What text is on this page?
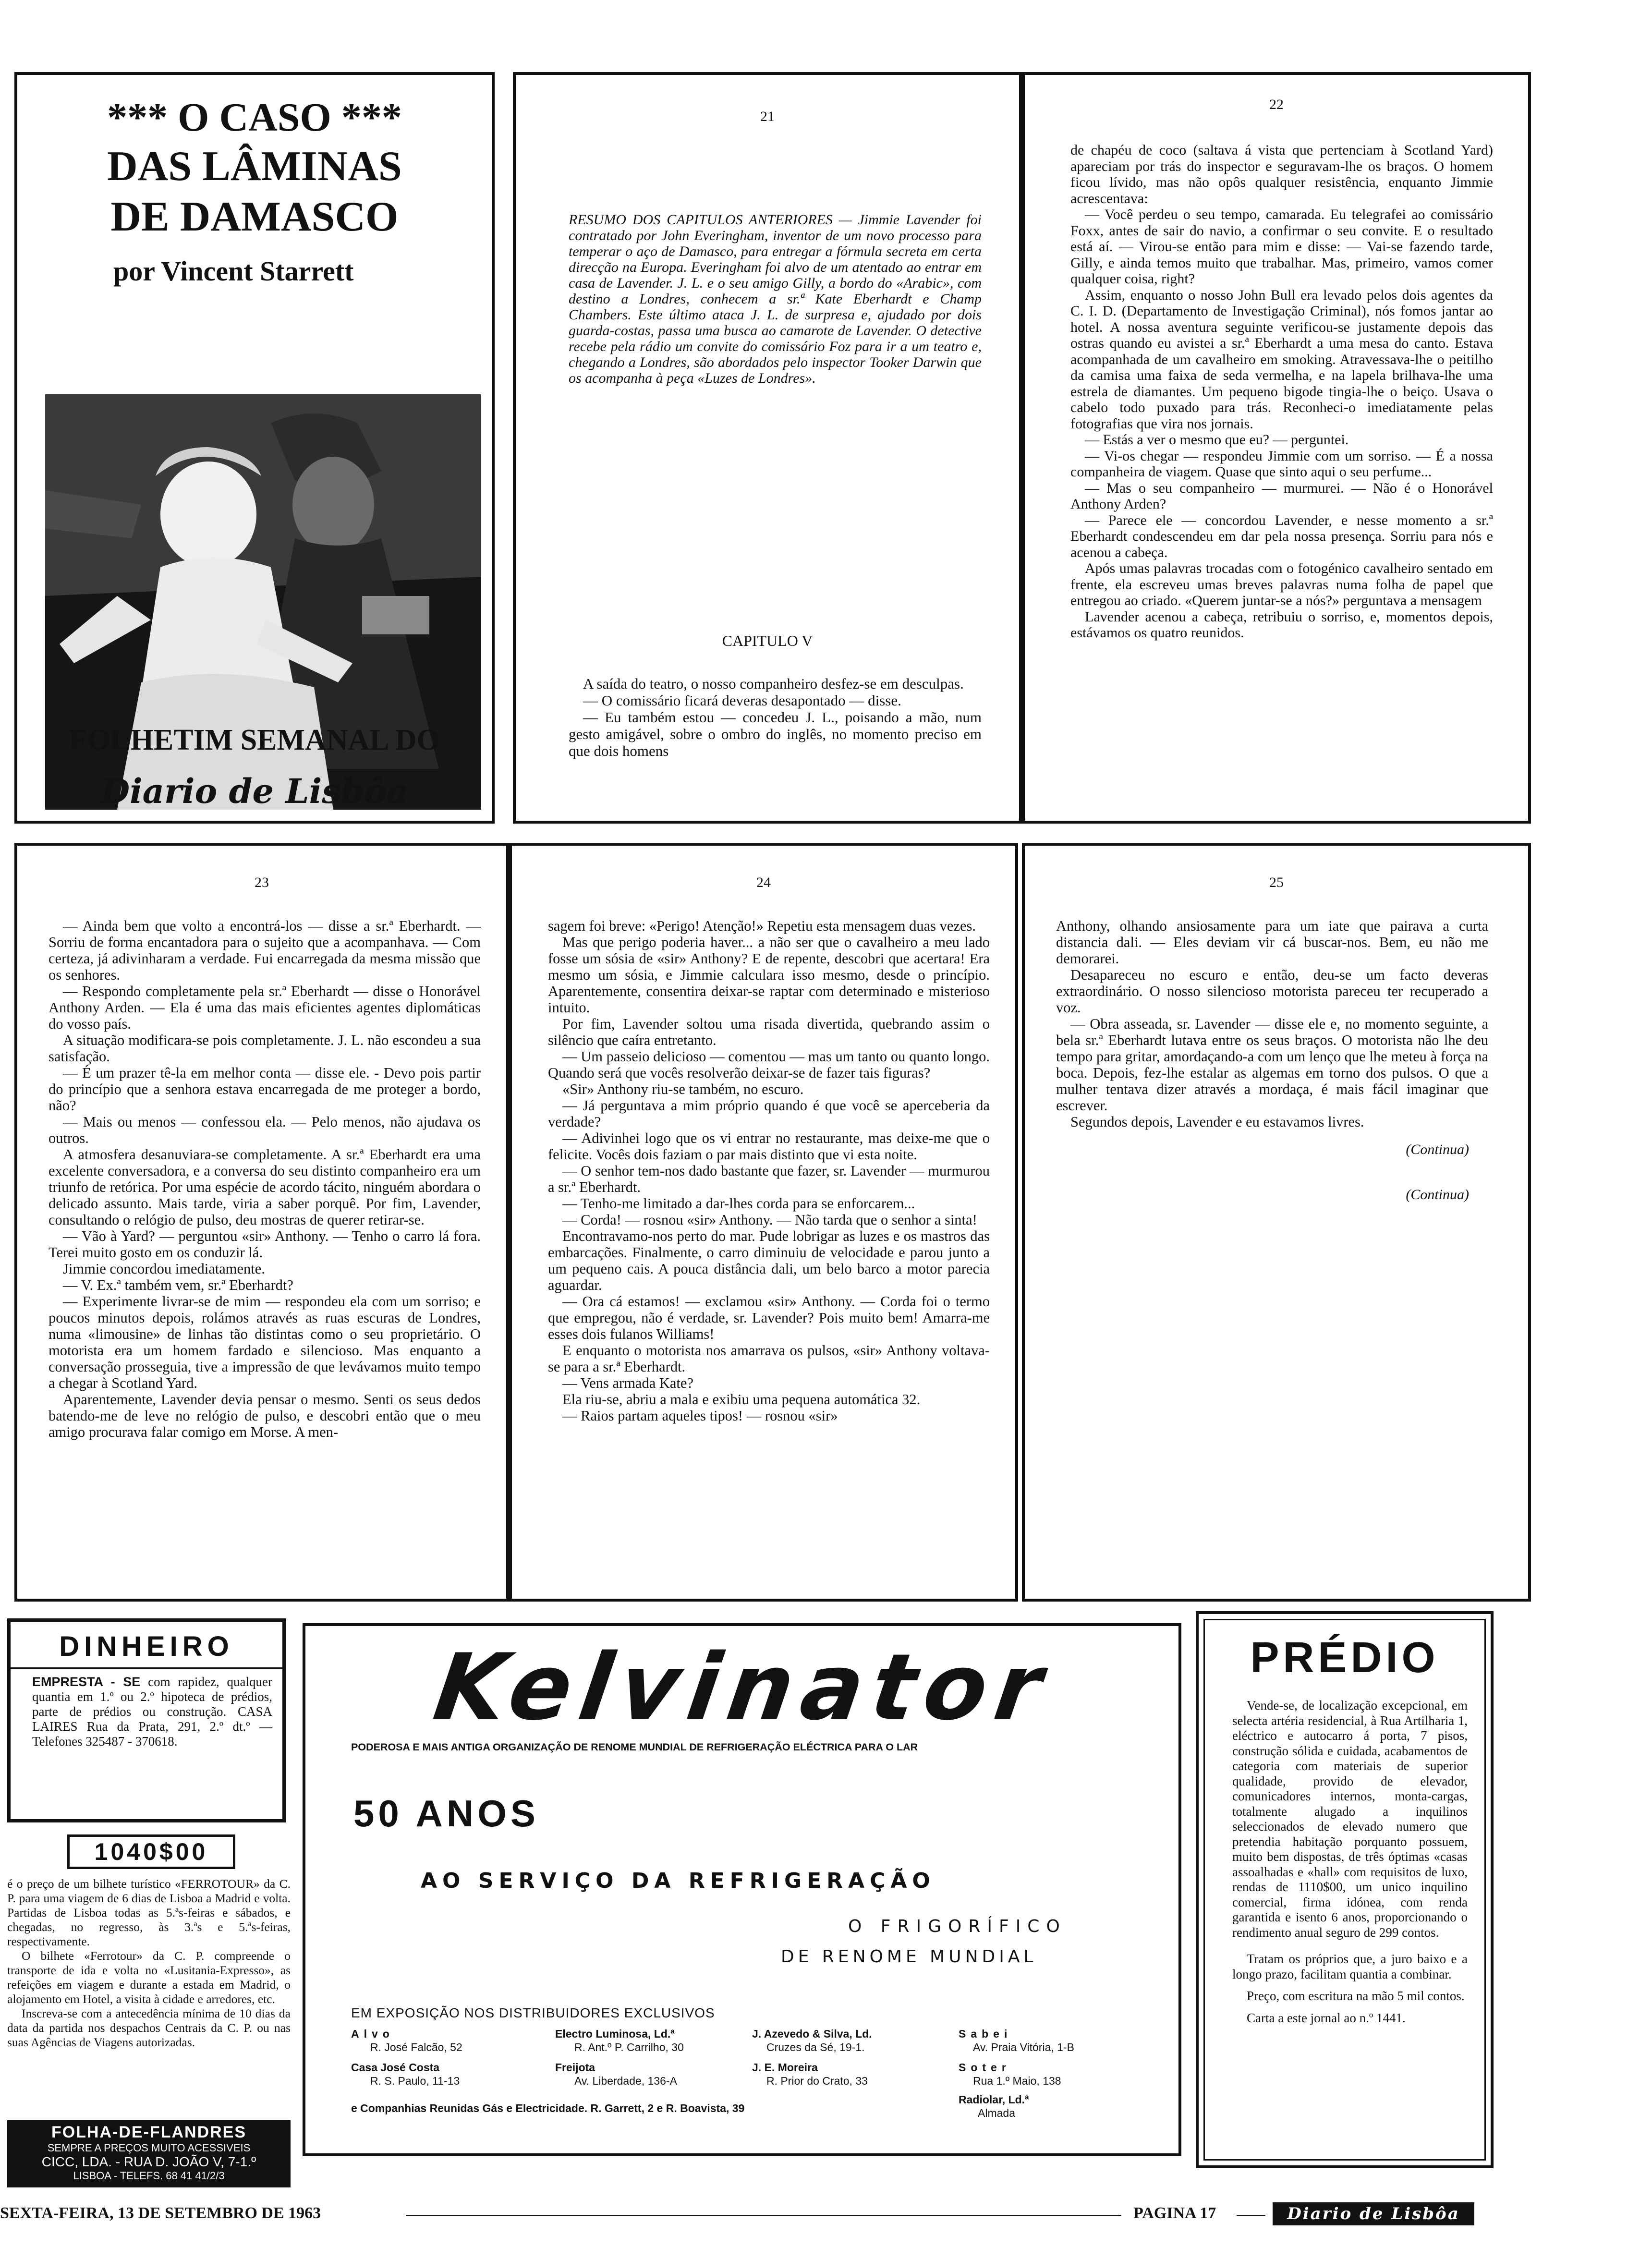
*** O CASO ***
DAS LÂMINAS
DE DAMASCO
por Vincent Starrett
FOLHETIM SEMANAL DO
Diario de Lisbôa
21
RESUMO DOS CAPITULOS ANTERIORES — Jimmie Lavender foi contratado por John Everingham, inventor de um novo processo para temperar o aço de Damasco, para entregar a fórmula secreta em certa direcção na Europa. Everingham foi alvo de um atentado ao entrar em casa de Lavender. J. L. e o seu amigo Gilly, a bordo do «Arabic», com destino a Londres, conhecem a sr.ª Kate Eberhardt e Champ Chambers. Este último ataca J. L. de surpresa e, ajudado por dois guarda-costas, passa uma busca ao camarote de Lavender. O detective recebe pela rádio um convite do comissário Foz para ir a um teatro e, chegando a Londres, são abordados pelo inspector Tooker Darwin que os acompanha à peça «Luzes de Londres».
CAPITULO V

A saída do teatro, o nosso companheiro desfez-se em desculpas.

— O comissário ficará deveras desapontado — disse.

— Eu também estou — concedeu J. L., poisando a mão, num gesto amigável, sobre o ombro do inglês, no momento preciso em que dois homens

22

de chapéu de coco (saltava á vista que pertenciam à Scotland Yard) apareciam por trás do inspector e seguravam-lhe os braços. O homem ficou lívido, mas não opôs qualquer resistência, enquanto Jimmie acrescentava:

— Você perdeu o seu tempo, camarada. Eu telegrafei ao comissário Foxx, antes de sair do navio, a confirmar o seu convite. E o resultado está aí. — Virou-se então para mim e disse: — Vai-se fazendo tarde, Gilly, e ainda temos muito que trabalhar. Mas, primeiro, vamos comer qualquer coisa, right?

Assim, enquanto o nosso John Bull era levado pelos dois agentes da C. I. D. (Departamento de Investigação Criminal), nós fomos jantar ao hotel. A nossa aventura seguinte verificou-se justamente depois das ostras quando eu avistei a sr.ª Eberhardt a uma mesa do canto. Estava acompanhada de um cavalheiro em smoking. Atravessava-lhe o peitilho da camisa uma faixa de seda vermelha, e na lapela brilhava-lhe uma estrela de diamantes. Um pequeno bigode tingia-lhe o beiço. Usava o cabelo todo puxado para trás. Reconheci-o imediatamente pelas fotografias que vira nos jornais.

— Estás a ver o mesmo que eu? — perguntei.

— Vi-os chegar — respondeu Jimmie com um sorriso. — É a nossa companheira de viagem. Quase que sinto aqui o seu perfume...

— Mas o seu companheiro — murmurei. — Não é o Honorável Anthony Arden?

— Parece ele — concordou Lavender, e nesse momento a sr.ª Eberhardt condescendeu em dar pela nossa presença. Sorriu para nós e acenou a cabeça.

Após umas palavras trocadas com o fotogénico cavalheiro sentado em frente, ela escreveu umas breves palavras numa folha de papel que entregou ao criado. «Querem juntar-se a nós?» perguntava a mensagem

Lavender acenou a cabeça, retribuiu o sorriso, e, momentos depois, estávamos os quatro reunidos.

23

— Ainda bem que volto a encontrá-los — disse a sr.ª Eberhardt. — Sorriu de forma encantadora para o sujeito que a acompanhava. — Com certeza, já adivinharam a verdade. Fui encarregada da mesma missão que os senhores.

— Respondo completamente pela sr.ª Eberhardt — disse o Honorável Anthony Arden. — Ela é uma das mais eficientes agentes diplomáticas do vosso país.

A situação modificara-se pois completamente. J. L. não escondeu a sua satisfação.

— É um prazer tê-la em melhor conta — disse ele. - Devo pois partir do princípio que a senhora estava encarregada de me proteger a bordo, não?

— Mais ou menos — confessou ela. — Pelo menos, não ajudava os outros.

A atmosfera desanuviara-se completamente. A sr.ª Eberhardt era uma excelente conversadora, e a conversa do seu distinto companheiro era um triunfo de retórica. Por uma espécie de acordo tácito, ninguém abordara o delicado assunto. Mais tarde, viria a saber porquê. Por fim, Lavender, consultando o relógio de pulso, deu mostras de querer retirar-se.

— Vão à Yard? — perguntou «sir» Anthony. — Tenho o carro lá fora. Terei muito gosto em os conduzir lá.

Jimmie concordou imediatamente.

— V. Ex.ª também vem, sr.ª Eberhardt?

— Experimente livrar-se de mim — respondeu ela com um sorriso; e poucos minutos depois, rolámos através as ruas escuras de Londres, numa «limousine» de linhas tão distintas como o seu proprietário. O motorista era um homem fardado e silencioso. Mas enquanto a conversação prosseguia, tive a impressão de que levávamos muito tempo a chegar à Scotland Yard.

Aparentemente, Lavender devia pensar o mesmo. Senti os seus dedos batendo-me de leve no relógio de pulso, e descobri então que o meu amigo procurava falar comigo em Morse. A men-

24

sagem foi breve: «Perigo! Atenção!» Repetiu esta mensagem duas vezes.

Mas que perigo poderia haver... a não ser que o cavalheiro a meu lado fosse um sósia de «sir» Anthony? E de repente, descobri que acertara! Era mesmo um sósia, e Jimmie calculara isso mesmo, desde o princípio. Aparentemente, consentira deixar-se raptar com determinado e misterioso intuito.

Por fim, Lavender soltou uma risada divertida, quebrando assim o silêncio que caíra entretanto.

— Um passeio delicioso — comentou — mas um tanto ou quanto longo. Quando será que vocês resolverão deixar-se de fazer tais figuras?

«Sir» Anthony riu-se também, no escuro.

— Já perguntava a mim próprio quando é que você se aperceberia da verdade?

— Adivinhei logo que os vi entrar no restaurante, mas deixe-me que o felicite. Vocês dois faziam o par mais distinto que vi esta noite.

— O senhor tem-nos dado bastante que fazer, sr. Lavender — murmurou a sr.ª Eberhardt.

— Tenho-me limitado a dar-lhes corda para se enforcarem...

— Corda! — rosnou «sir» Anthony. — Não tarda que o senhor a sinta!

Encontravamo-nos perto do mar. Pude lobrigar as luzes e os mastros das embarcações. Finalmente, o carro diminuiu de velocidade e parou junto a um pequeno cais. A pouca distância dali, um belo barco a motor parecia aguardar.

— Ora cá estamos! — exclamou «sir» Anthony. — Corda foi o termo que empregou, não é verdade, sr. Lavender? Pois muito bem! Amarra-me esses dois fulanos Williams!

E enquanto o motorista nos amarrava os pulsos, «sir» Anthony voltava-se para a sr.ª Eberhardt.

— Vens armada Kate?

Ela riu-se, abriu a mala e exibiu uma pequena automática 32.

— Raios partam aqueles tipos! — rosnou «sir»

25

Anthony, olhando ansiosamente para um iate que pairava a curta distancia dali. — Eles deviam vir cá buscar-nos. Bem, eu não me demorarei.

Desapareceu no escuro e então, deu-se um facto deveras extraordinário. O nosso silencioso motorista pareceu ter recuperado a voz.

— Obra asseada, sr. Lavender — disse ele e, no momento seguinte, a bela sr.ª Eberhardt lutava entre os seus braços. O motorista não lhe deu tempo para gritar, amordaçando-a com um lenço que lhe meteu à força na boca. Depois, fez-lhe estalar as algemas em torno dos pulsos. O que a mulher tentava dizer através a mordaça, é mais fácil imaginar que escrever.

Segundos depois, Lavender e eu estavamos livres.

(Continua)
(Continua)
DINHEIRO
EMPRESTA - SE com rapidez, qualquer quantia em 1.º ou 2.º hipoteca de prédios, parte de prédios ou construção. CASA LAIRES Rua da Prata, 291, 2.º dt.º — Telefones 325487 - 370618.
1040$00

é o preço de um bilhete turístico «FERROTOUR» da C. P. para uma viagem de 6 dias de Lisboa a Madrid e volta. Partidas de Lisboa todas as 5.ªs-feiras e sábados, e chegadas, no regresso, às 3.ªs e 5.ªs-feiras, respectivamente.

O bilhete «Ferrotour» da C. P. compreende o transporte de ida e volta no «Lusitania-Expresso», as refeições em viagem e durante a estada em Madrid, o alojamento em Hotel, a visita à cidade e arredores, etc.

Inscreva-se com a antecedência mínima de 10 dias da data da partida nos despachos Centrais da C. P. ou nas suas Agências de Viagens autorizadas.

FOLHA-DE-FLANDRES
SEMPRE A PREÇOS MUITO ACESSIVEIS
CICC, LDA. - RUA D. JOÃO V, 7-1.º
LISBOA - TELEFS. 68 41 41/2/3
Kelvinator
PODEROSA E MAIS ANTIGA ORGANIZAÇÃO DE RENOME MUNDIAL DE REFRIGERAÇÃO ELÉCTRICA PARA O LAR
50 ANOS
AO SERVIÇO DA REFRIGERAÇÃO
O FRIGORÍFICO
DE RENOME MUNDIAL
EM EXPOSIÇÃO NOS DISTRIBUIDORES EXCLUSIVOS
Alvo
R. José Falcão, 52
Electro Luminosa, Ld.ª
R. Ant.º P. Carrilho, 30
J. Azevedo & Silva, Ld.
Cruzes da Sé, 19-1.
Sabei
Av. Praia Vitória, 1-B
Casa José Costa
R. S. Paulo, 11-13
Freijota
Av. Liberdade, 136-A
J. E. Moreira
R. Prior do Crato, 33
Soter
Rua 1.º Maio, 138
e Companhias Reunidas Gás e Electricidade. R. Garrett, 2 e R. Boavista, 39
Radiolar, Ld.ª
Almada
PRÉDIO

Vende-se, de localização excepcional, em selecta artéria residencial, à Rua Artilharia 1, eléctrico e autocarro á porta, 7 pisos, construção sólida e cuidada, acabamentos de categoria com materiais de superior qualidade, provido de elevador, comunicadores internos, monta-cargas, totalmente alugado a inquilinos seleccionados de elevado numero que pretendia habitação porquanto possuem, muito bem dispostas, de três óptimas «casas assoalhadas e «hall» com requisitos de luxo, rendas de 1110$00, um unico inquilino comercial, firma idónea, com renda garantida e isento 6 anos, proporcionando o rendimento anual seguro de 299 contos.

Tratam os próprios que, a juro baixo e a longo prazo, facilitam quantia a combinar.

Preço, com escritura na mão 5 mil contos.

Carta a este jornal ao n.º 1441.

SEXTA-FEIRA, 13 DE SETEMBRO DE 1963	PAGINA 17	Diario de Lisbôa
